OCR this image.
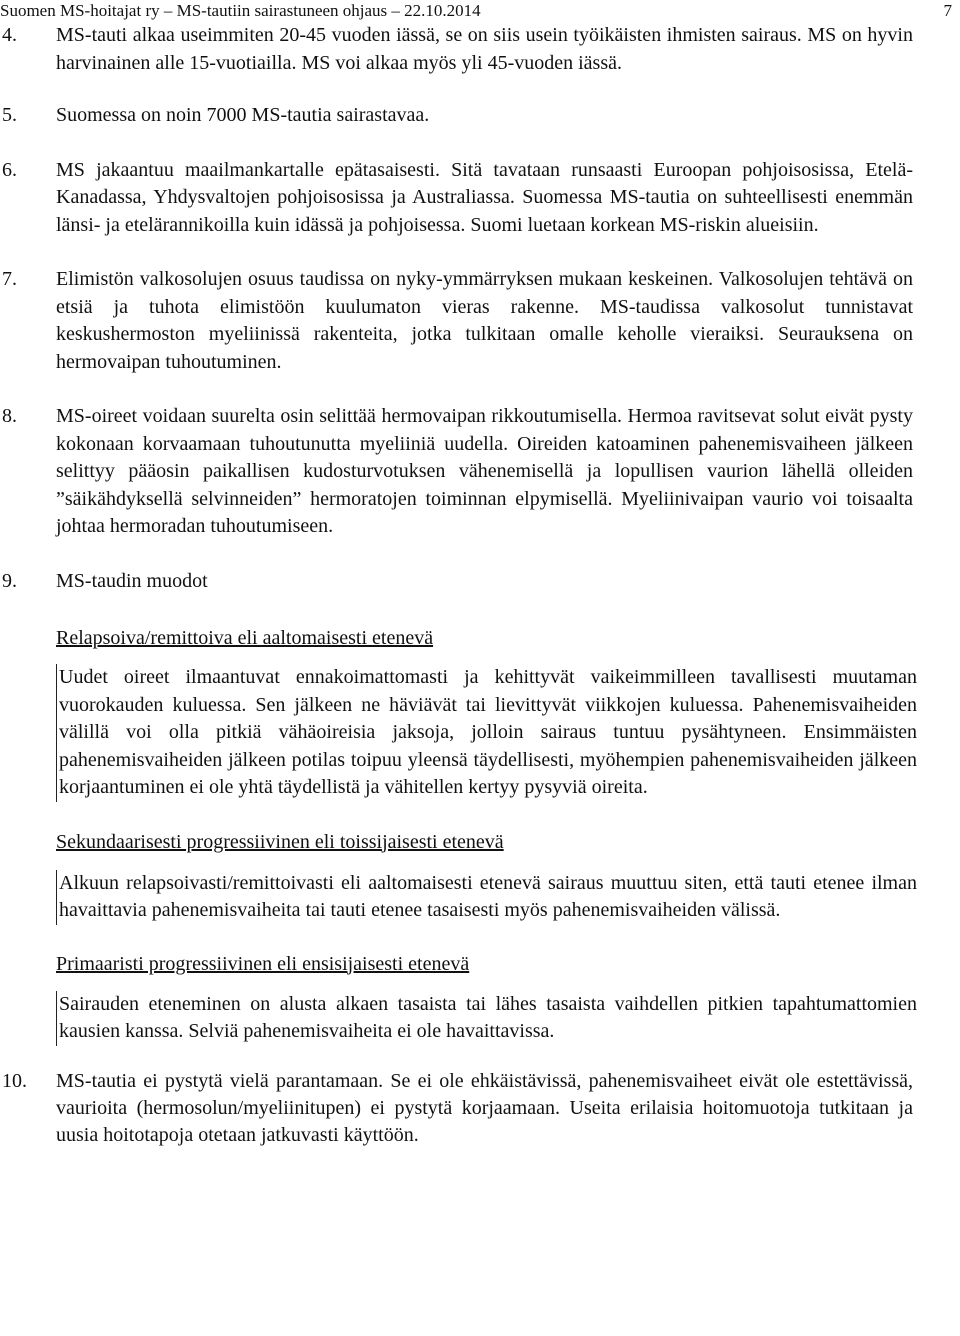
Suomen MS-hoitajat ry – MS-tautiin sairastuneen ohjaus – 22.10.2014	7
4. MS-tauti alkaa useimmiten 20-45 vuoden iässä, se on siis usein työikäisten ihmisten sairaus. MS on hyvin harvinainen alle 15-vuotiailla. MS voi alkaa myös yli 45-vuoden iässä.

5. Suomessa on noin 7000 MS-tautia sairastavaa.

6. MS jakaantuu maailmankartalle epätasaisesti. Sitä tavataan runsaasti Euroopan pohjoisosissa, Etelä-Kanadassa, Yhdysvaltojen pohjoisosissa ja Australiassa. Suomessa MS-tautia on suhteellisesti enemmän länsi- ja etelärannikoilla kuin idässä ja pohjoisessa. Suomi luetaan korkean MS-riskin alueisiin.

7. Elimistön valkosolujen osuus taudissa on nyky-ymmärryksen mukaan keskeinen. Valkosolujen tehtävä on etsiä ja tuhota elimistöön kuulumaton vieras rakenne. MS-taudissa valkosolut tunnistavat keskushermoston myeliinissä rakenteita, jotka tulkitaan omalle keholle vieraiksi. Seurauksena on hermovaipan tuhoutuminen.

8. MS-oireet voidaan suurelta osin selittää hermovaipan rikkoutumisella. Hermoa ravitsevat solut eivät pysty kokonaan korvaamaan tuhoutunutta myeliiniä uudella. Oireiden katoaminen pahenemisvaiheen jälkeen selittyy pääosin paikallisen kudosturvotuksen vähenemisellä ja lopullisen vaurion lähellä olleiden ”säikähdyksellä selvinneiden” hermoratojen toiminnan elpymisellä. Myeliinivaipan vaurio voi toisaalta johtaa hermoradan tuhoutumiseen.

9. MS-taudin muodot

Relapsoiva/remittoiva eli aaltomaisesti etenevä
Uudet oireet ilmaantuvat ennakoimattomasti ja kehittyvät vaikeimmilleen tavallisesti muutaman vuorokauden kuluessa. Sen jälkeen ne häviävät tai lievittyvät viikkojen kuluessa. Pahenemisvaiheiden välillä voi olla pitkiä vähäoireisia jaksoja, jolloin sairaus tuntuu pysähtyneen. Ensimmäisten pahenemisvaiheiden jälkeen potilas toipuu yleensä täydellisesti, myöhempien pahenemisvaiheiden jälkeen korjaantuminen ei ole yhtä täydellistä ja vähitellen kertyy pysyviä oireita.
Sekundaarisesti progressiivinen eli toissijaisesti etenevä
Alkuun relapsoivasti/remittoivasti eli aaltomaisesti etenevä sairaus muuttuu siten, että tauti etenee ilman havaittavia pahenemisvaiheita tai tauti etenee tasaisesti myös pahenemisvaiheiden välissä.
Primaaristi progressiivinen eli ensisijaisesti etenevä
Sairauden eteneminen on alusta alkaen tasaista tai lähes tasaista vaihdellen pitkien tapahtumattomien kausien kanssa. Selviä pahenemisvaiheita ei ole havaittavissa.
10. MS-tautia ei pystytä vielä parantamaan. Se ei ole ehkäistävissä, pahenemisvaiheet eivät ole estettävissä, vaurioita (hermosolun/myeliinitupen) ei pystytä korjaamaan. Useita erilaisia hoitomuotoja tutkitaan ja uusia hoitotapoja otetaan jatkuvasti käyttöön.
